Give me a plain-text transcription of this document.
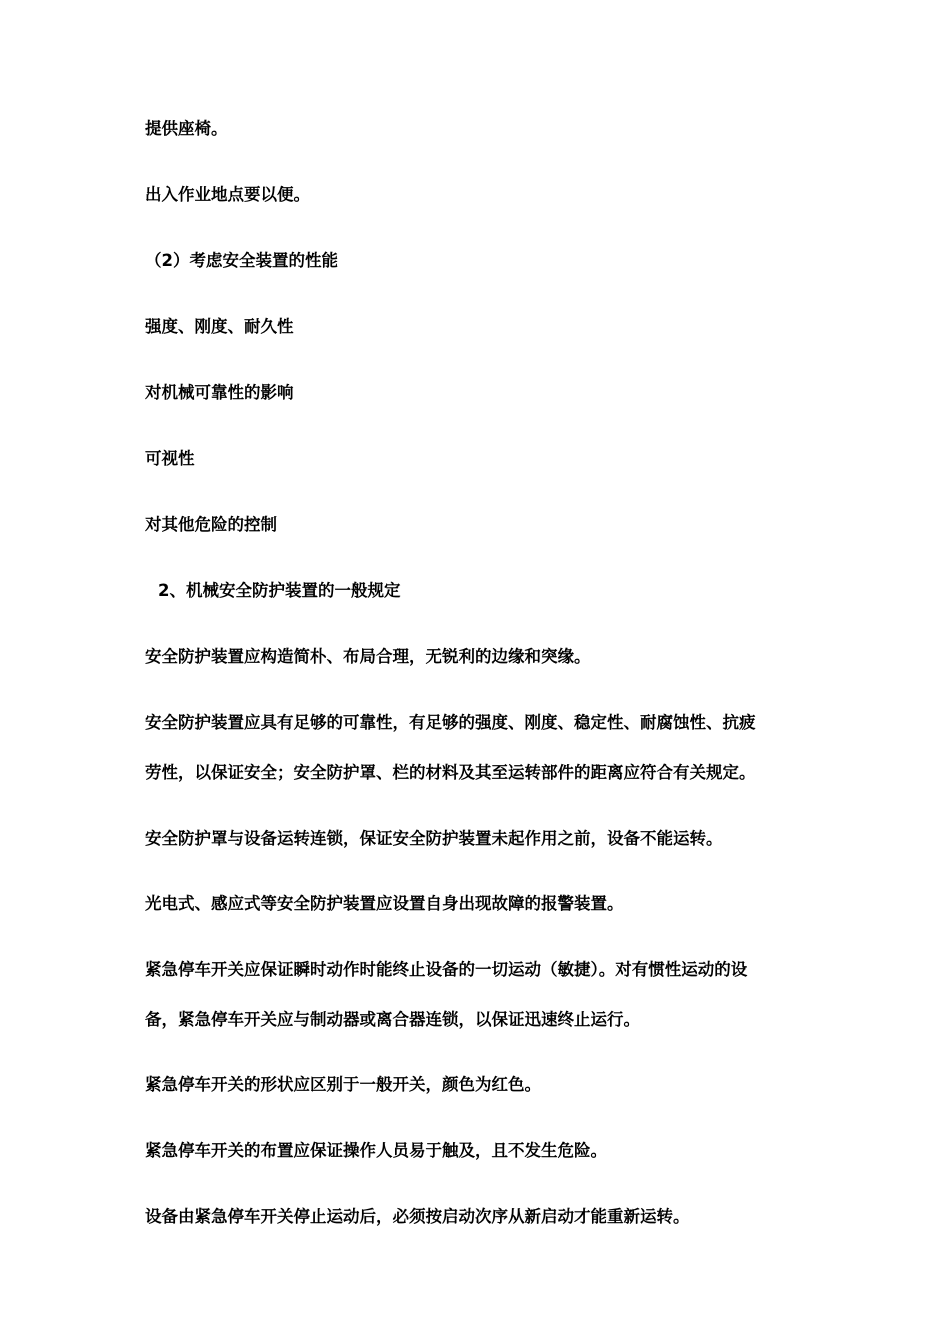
提供座椅。
出入作业地点要以便。
（2）考虑安全装置的性能
强度、刚度、耐久性
对机械可靠性的影响
可视性
对其他危险的控制
2、机械安全防护装置的一般规定
安全防护装置应构造简朴、布局合理，无锐利的边缘和突缘。
安全防护装置应具有足够的可靠性，有足够的强度、刚度、稳定性、耐腐蚀性、抗疲
劳性，以保证安全；安全防护罩、栏的材料及其至运转部件的距离应符合有关规定。
安全防护罩与设备运转连锁，保证安全防护装置未起作用之前，设备不能运转。
光电式、感应式等安全防护装置应设置自身出现故障的报警装置。
紧急停车开关应保证瞬时动作时能终止设备的一切运动（敏捷）。对有惯性运动的设
备，紧急停车开关应与制动器或离合器连锁，以保证迅速终止运行。
紧急停车开关的形状应区别于一般开关，颜色为红色。
紧急停车开关的布置应保证操作人员易于触及，且不发生危险。
设备由紧急停车开关停止运动后，必须按启动次序从新启动才能重新运转。
